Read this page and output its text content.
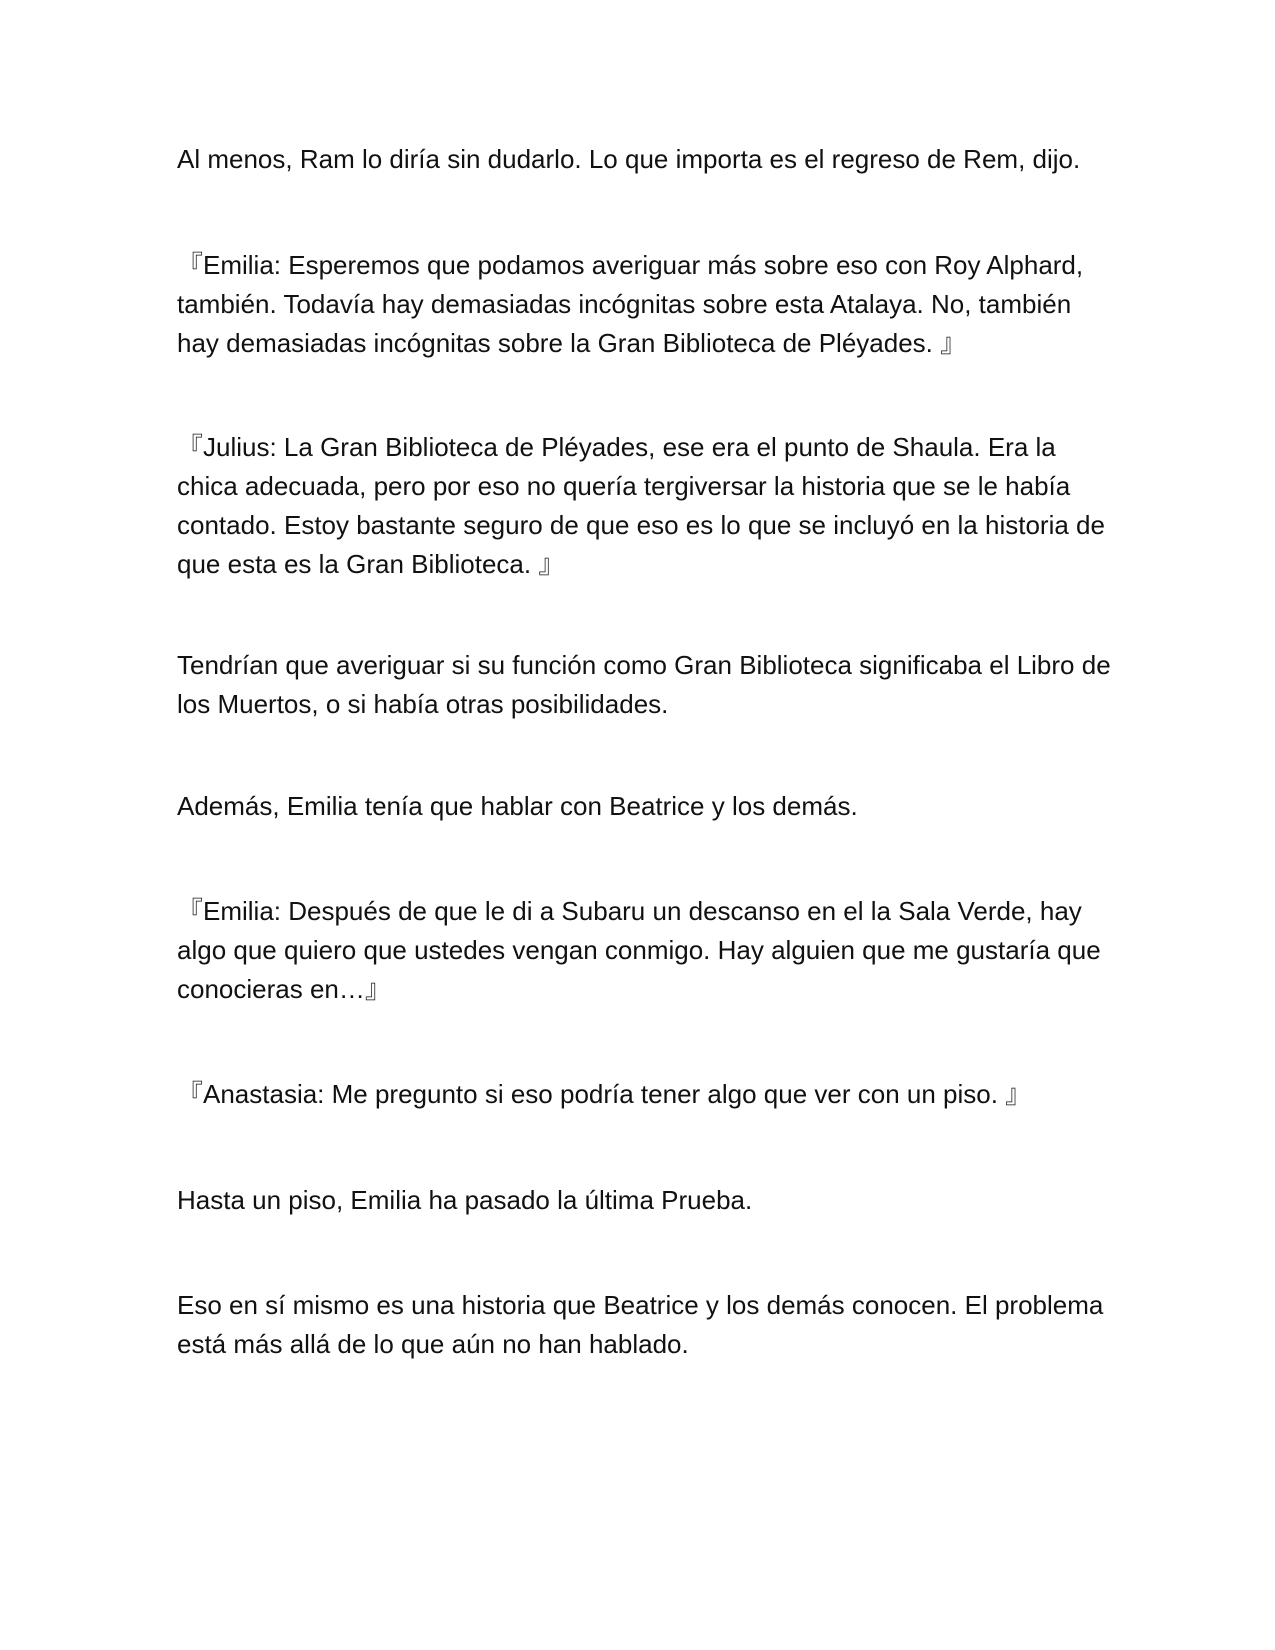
Al menos, Ram lo diría sin dudarlo. Lo que importa es el regreso de Rem, dijo.

『Emilia: Esperemos que podamos averiguar más sobre eso con Roy Alphard, también. Todavía hay demasiadas incógnitas sobre esta Atalaya. No, también hay demasiadas incógnitas sobre la Gran Biblioteca de Pléyades. 』

『Julius: La Gran Biblioteca de Pléyades, ese era el punto de Shaula. Era la chica adecuada, pero por eso no quería tergiversar la historia que se le había contado. Estoy bastante seguro de que eso es lo que se incluyó en la historia de que esta es la Gran Biblioteca. 』

Tendrían que averiguar si su función como Gran Biblioteca significaba el Libro de los Muertos, o si había otras posibilidades.

Además, Emilia tenía que hablar con Beatrice y los demás.

『Emilia: Después de que le di a Subaru un descanso en el la Sala Verde, hay algo que quiero que ustedes vengan conmigo. Hay alguien que me gustaría que conocieras en…』

『Anastasia: Me pregunto si eso podría tener algo que ver con un piso. 』

Hasta un piso, Emilia ha pasado la última Prueba.

Eso en sí mismo es una historia que Beatrice y los demás conocen. El problema está más allá de lo que aún no han hablado.
